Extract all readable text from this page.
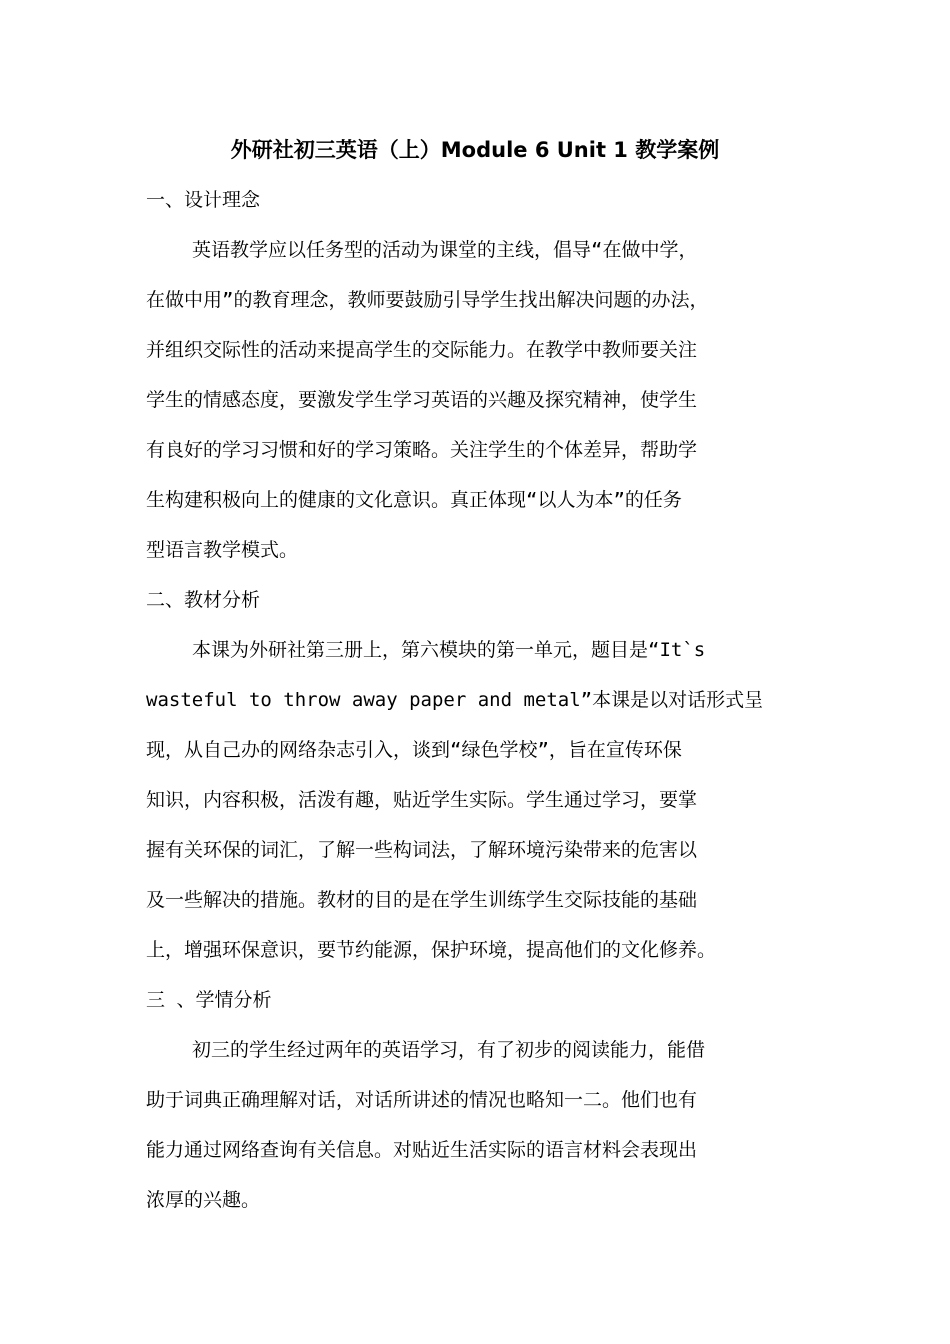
外研社初三英语（上）Module 6 Unit 1 教学案例
一、设计理念
英语教学应以任务型的活动为课堂的主线，倡导“在做中学，
在做中用”的教育理念，教师要鼓励引导学生找出解决问题的办法，
并组织交际性的活动来提高学生的交际能力。在教学中教师要关注
学生的情感态度，要激发学生学习英语的兴趣及探究精神，使学生
有良好的学习习惯和好的学习策略。关注学生的个体差异，帮助学
生构建积极向上的健康的文化意识。真正体现“以人为本”的任务
型语言教学模式。
二、教材分析
本课为外研社第三册上，第六模块的第一单元，题目是“It`s
wasteful to throw away paper and metal”本课是以对话形式呈
现，从自己办的网络杂志引入，谈到“绿色学校”，旨在宣传环保
知识，内容积极，活泼有趣，贴近学生实际。学生通过学习，要掌
握有关环保的词汇，了解一些构词法，了解环境污染带来的危害以
及一些解决的措施。教材的目的是在学生训练学生交际技能的基础
上，增强环保意识，要节约能源，保护环境，提高他们的文化修养。
三 、学情分析
初三的学生经过两年的英语学习，有了初步的阅读能力，能借
助于词典正确理解对话，对话所讲述的情况也略知一二。他们也有
能力通过网络查询有关信息。对贴近生活实际的语言材料会表现出
浓厚的兴趣。
